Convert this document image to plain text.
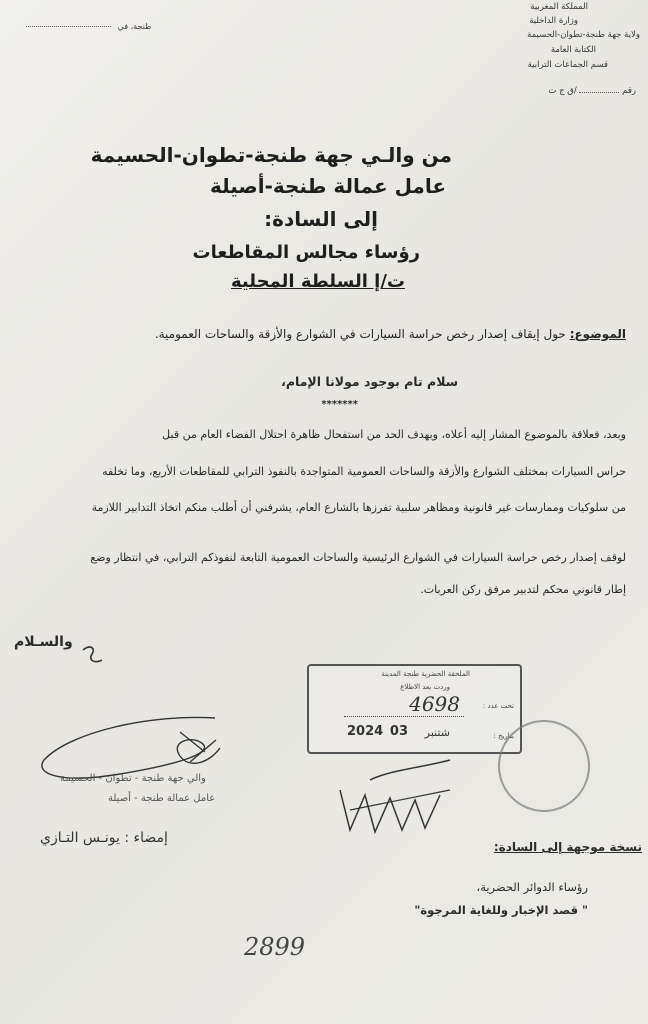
طنجة، في
المملكة المغربية
وزارة الداخلية
ولاية جهة طنجة-تطوان-الحسيمة
الكتابة العامة
قسم الجماعات الترابية
رقم  /ق ج ت
من والـي جهة طنجة-تطوان-الحسيمة
عامل عمالة طنجة-أصيلة
إلى السادة:
رؤساء مجالس المقاطعات
ت/إ السلطة المحلية
الموضوع: حول إيقاف إصدار رخص حراسة السيارات في الشوارع والأزقة والساحات العمومية.
سلام تام بوجود مولانا الإمام،
*******
وبعد، فعلاقة بالموضوع المشار إليه أعلاه، وبهدف الحد من استفحال ظاهرة احتلال الفضاء العام من قبل
حراس السيارات بمختلف الشوارع والأزقة والساحات العمومية المتواجدة بالنفوذ الترابي للمقاطعات الأربع، وما تخلفه
من سلوكيات وممارسات غير قانونية ومظاهر سلبية تفرزها بالشارع العام، يشرفني أن أطلب منكم اتخاذ التدابير اللازمة
لوقف إصدار رخص حراسة السيارات في الشوارع الرئيسية والساحات العمومية التابعة لنفوذكم الترابي، في انتظار وضع
إطار قانوني محكم لتدبير مرفق ركن العربات.
والسـلام
والي جهة طنجة - تطوان - الحسيمة
عامل عمالة طنجة - أصيلة
إمضاء : يونـس التـازي
الملحقة الحضرية طنجة المدينة
وردت بعد الاطلاع
تحت عدد :
4698
بتاريخ :
شتنبر
03
2024
نسخة موجهة إلى السادة:
رؤساء الدوائر الحضرية،
" قصد الإخبار وللغاية المرجوة"
2899
